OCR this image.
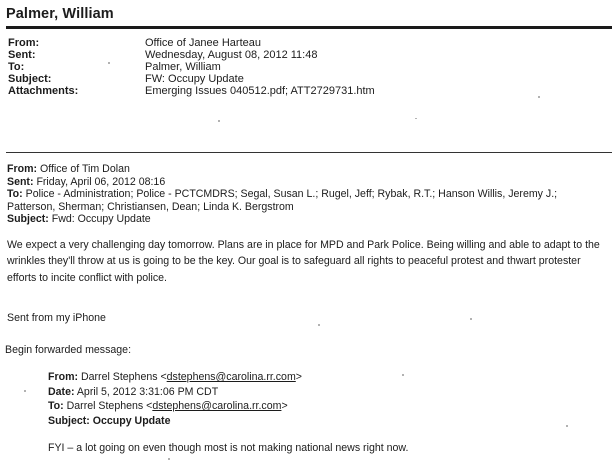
Palmer, William
From:	Office of Janee Harteau
Sent:	Wednesday, August 08, 2012 11:48
To:	Palmer, William
Subject:	FW: Occupy Update
Attachments:	Emerging Issues 040512.pdf; ATT2729731.htm

From: Office of Tim Dolan

Sent: Friday, April 06, 2012 08:16

To: Police - Administration; Police - PCTCMDRS; Segal, Susan L.; Rugel, Jeff; Rybak, R.T.; Hanson Willis, Jeremy J.; Patterson, Sherman; Christiansen, Dean; Linda K. Bergstrom

Subject: Fwd: Occupy Update

We expect a very challenging day tomorrow. Plans are in place for MPD and Park Police. Being willing and able to adapt to the wrinkles they'll throw at us is going to be the key. Our goal is to safeguard all rights to peaceful protest and thwart protester efforts to incite conflict with police.
Sent from my iPhone
Begin forwarded message:

From: Darrel Stephens <dstephens@carolina.rr.com>

Date: April 5, 2012 3:31:06 PM CDT

To: Darrel Stephens <dstephens@carolina.rr.com>

Subject: Occupy Update

FYI – a lot going on even though most is not making national news right now.
